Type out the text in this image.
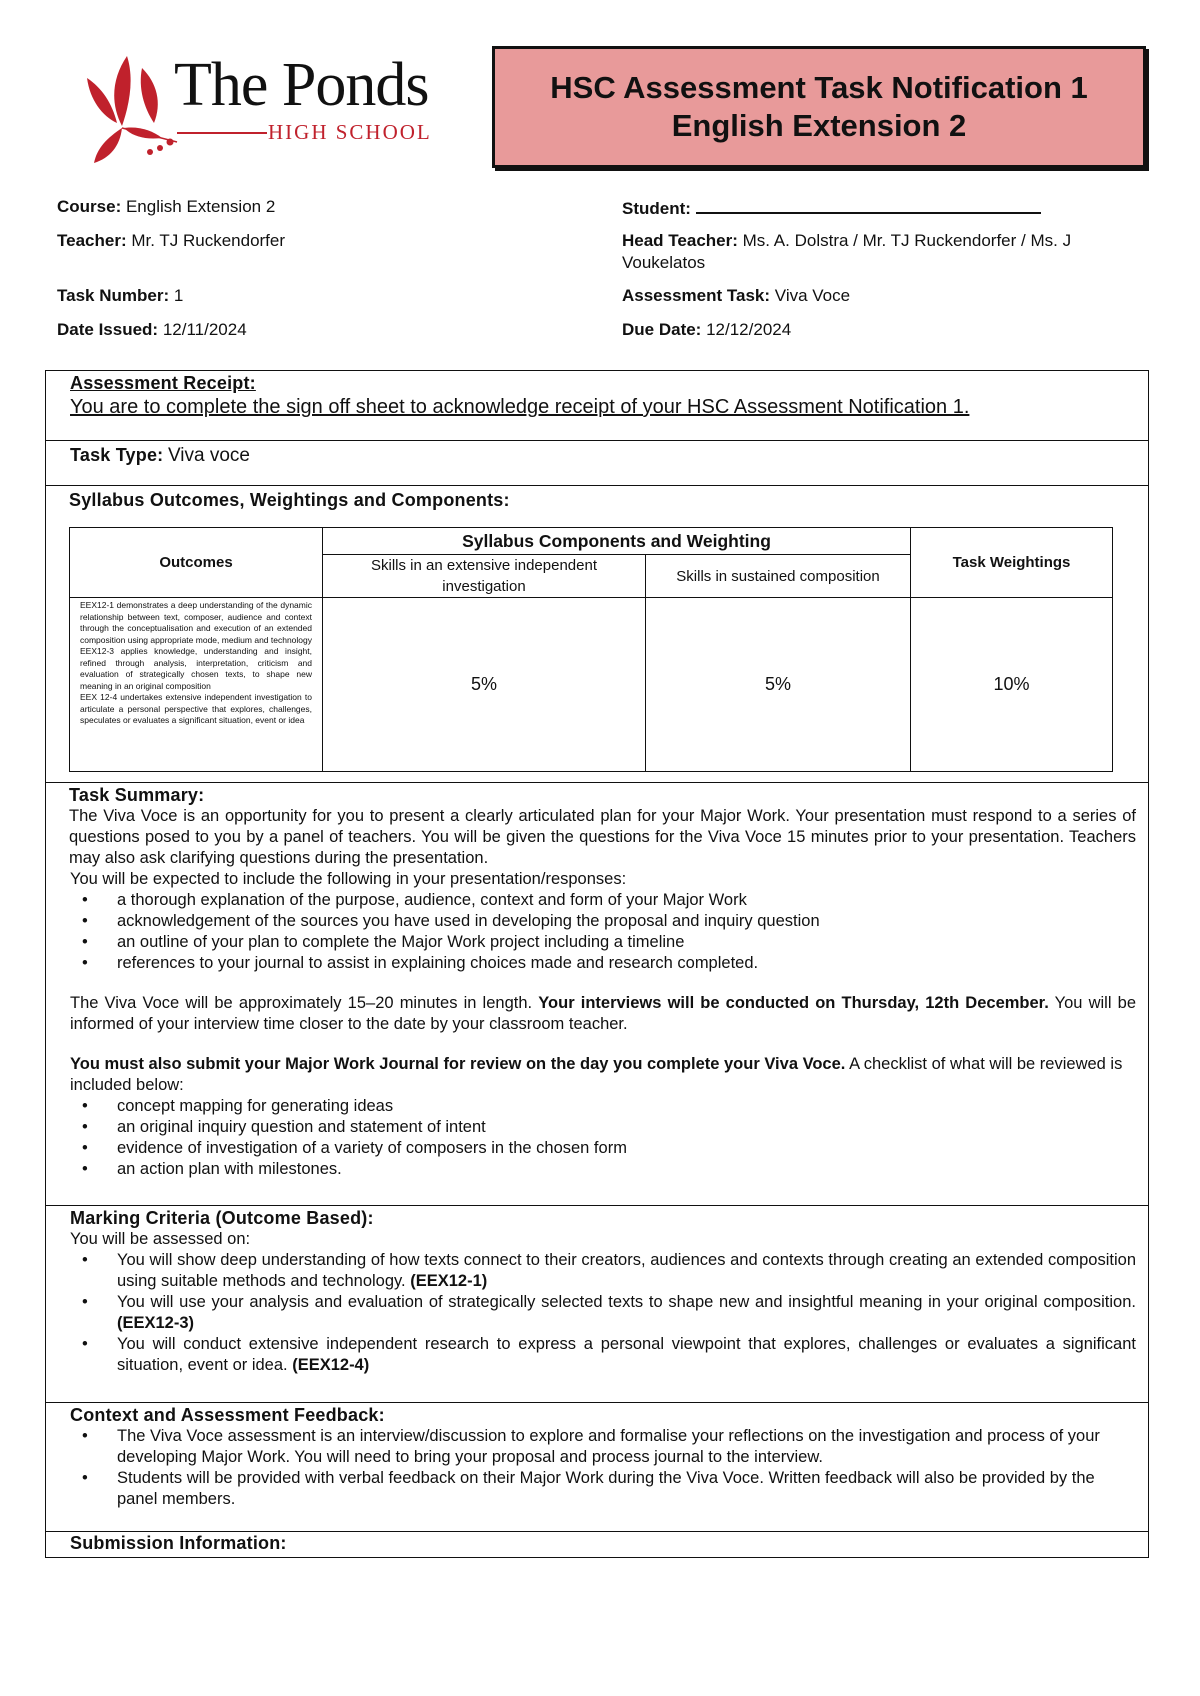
The Ponds
HIGH SCHOOL
HSC Assessment Task Notification 1
English Extension 2
Course: English Extension 2	Student:
Teacher: Mr. TJ Ruckendorfer	Head Teacher: Ms. A. Dolstra / Mr. TJ Ruckendorfer / Ms. J Voukelatos
Task Number: 1	Assessment Task: Viva Voce
Date Issued: 12/11/2024	Due Date: 12/12/2024
Assessment Receipt:
You are to complete the sign off sheet to acknowledge receipt of your HSC Assessment Notification 1.
Task Type: Viva voce
Syllabus Outcomes, Weightings and Components:
Outcomes	Syllabus Components and Weighting		Task Weightings
	Skills in an extensive independent investigation	Skills in sustained composition	

EEX12-1 demonstrates a deep understanding of the dynamic relationship between text, composer, audience and context through the conceptualisation and execution of an extended composition using appropriate mode, medium and technology
EEX12-3 applies knowledge, understanding and insight, refined through analysis, interpretation, criticism and evaluation of strategically chosen texts, to shape new meaning in an original composition
EEX 12-4 undertakes extensive independent investigation to articulate a personal perspective that explores, challenges, speculates or evaluates a significant situation, event or idea	5%	5%	10%
Task Summary:
The Viva Voce is an opportunity for you to present a clearly articulated plan for your Major Work. Your presentation must respond to a series of questions posed to you by a panel of teachers. You will be given the questions for the Viva Voce 15 minutes prior to your presentation. Teachers may also ask clarifying questions during the presentation.
You will be expected to include the following in your presentation/responses:
• a thorough explanation of the purpose, audience, context and form of your Major Work
• acknowledgement of the sources you have used in developing the proposal and inquiry question
• an outline of your plan to complete the Major Work project including a timeline
• references to your journal to assist in explaining choices made and research completed.
The Viva Voce will be approximately 15–20 minutes in length. Your interviews will be conducted on Thursday, 12th December. You will be informed of your interview time closer to the date by your classroom teacher.
You must also submit your Major Work Journal for review on the day you complete your Viva Voce. A checklist of what will be reviewed is included below:
• concept mapping for generating ideas
• an original inquiry question and statement of intent
• evidence of investigation of a variety of composers in the chosen form
• an action plan with milestones.
Marking Criteria (Outcome Based):
You will be assessed on:
• You will show deep understanding of how texts connect to their creators, audiences and contexts through creating an extended composition using suitable methods and technology. (EEX12-1)
• You will use your analysis and evaluation of strategically selected texts to shape new and insightful meaning in your original composition. (EEX12-3)
• You will conduct extensive independent research to express a personal viewpoint that explores, challenges or evaluates a significant situation, event or idea. (EEX12-4)
Context and Assessment Feedback:
• The Viva Voce assessment is an interview/discussion to explore and formalise your reflections on the investigation and process of your developing Major Work. You will need to bring your proposal and process journal to the interview.
• Students will be provided with verbal feedback on their Major Work during the Viva Voce. Written feedback will also be provided by the panel members.
Submission Information:
